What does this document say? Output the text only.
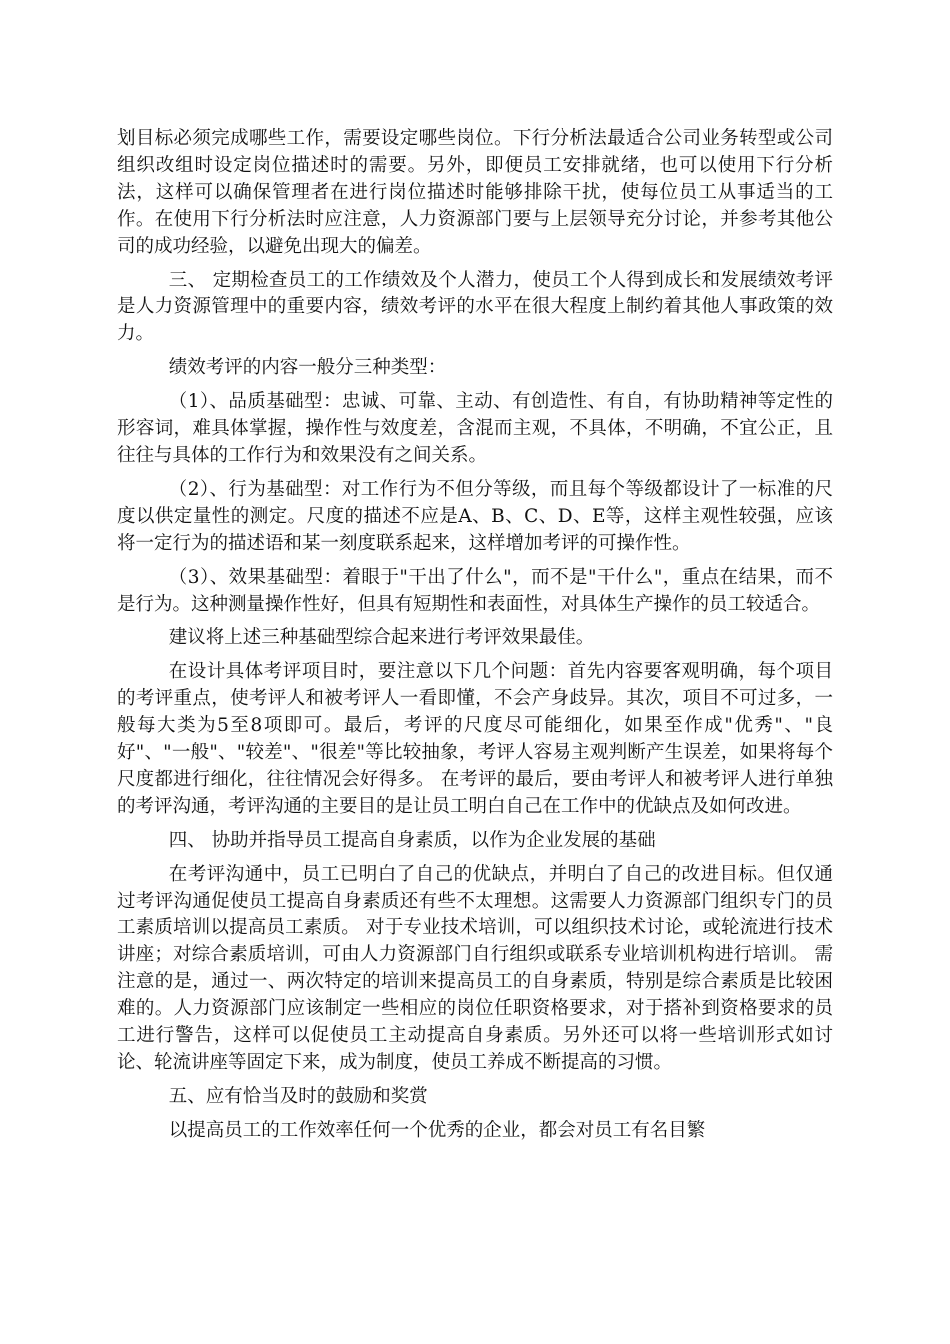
划目标必须完成哪些工作，需要设定哪些岗位。下行分析法最适合公司业务转型或公司组织改组时设定岗位描述时的需要。另外，即便员工安排就绪，也可以使用下行分析法，这样可以确保管理者在进行岗位描述时能够排除干扰，使每位员工从事适当的工作。在使用下行分析法时应注意，人力资源部门要与上层领导充分讨论，并参考其他公司的成功经验，以避免出现大的偏差。

三、 定期检查员工的工作绩效及个人潜力，使员工个人得到成长和发展绩效考评是人力资源管理中的重要内容，绩效考评的水平在很大程度上制约着其他人事政策的效力。

绩效考评的内容一般分三种类型：

（1）、品质基础型：忠诚、可靠、主动、有创造性、有自，有协助精神等定性的形容词，难具体掌握，操作性与效度差，含混而主观，不具体，不明确，不宜公正，且往往与具体的工作行为和效果没有之间关系。

（2）、行为基础型：对工作行为不但分等级，而且每个等级都设计了一标准的尺度以供定量性的测定。尺度的描述不应是A、B、C、D、E等，这样主观性较强，应该将一定行为的描述语和某一刻度联系起来，这样增加考评的可操作性。

（3）、效果基础型：着眼于"干出了什么"，而不是"干什么"，重点在结果，而不是行为。这种测量操作性好，但具有短期性和表面性，对具体生产操作的员工较适合。

建议将上述三种基础型综合起来进行考评效果最佳。

在设计具体考评项目时，要注意以下几个问题：首先内容要客观明确，每个项目的考评重点，使考评人和被考评人一看即懂，不会产身歧异。其次，项目不可过多，一般每大类为5至8项即可。最后，考评的尺度尽可能细化，如果至作成"优秀"、"良好"、"一般"、"较差"、"很差"等比较抽象，考评人容易主观判断产生误差，如果将每个尺度都进行细化，往往情况会好得多。 在考评的最后，要由考评人和被考评人进行单独的考评沟通，考评沟通的主要目的是让员工明白自己在工作中的优缺点及如何改进。

四、 协助并指导员工提高自身素质，以作为企业发展的基础

在考评沟通中，员工已明白了自己的优缺点，并明白了自己的改进目标。但仅通过考评沟通促使员工提高自身素质还有些不太理想。这需要人力资源部门组织专门的员工素质培训以提高员工素质。 对于专业技术培训，可以组织技术讨论，或轮流进行技术讲座；对综合素质培训，可由人力资源部门自行组织或联系专业培训机构进行培训。 需注意的是，通过一、两次特定的培训来提高员工的自身素质，特别是综合素质是比较困难的。人力资源部门应该制定一些相应的岗位任职资格要求，对于搭补到资格要求的员工进行警告，这样可以促使员工主动提高自身素质。另外还可以将一些培训形式如讨论、轮流讲座等固定下来，成为制度，使员工养成不断提高的习惯。

五、应有恰当及时的鼓励和奖赏

以提高员工的工作效率任何一个优秀的企业，都会对员工有名目繁
